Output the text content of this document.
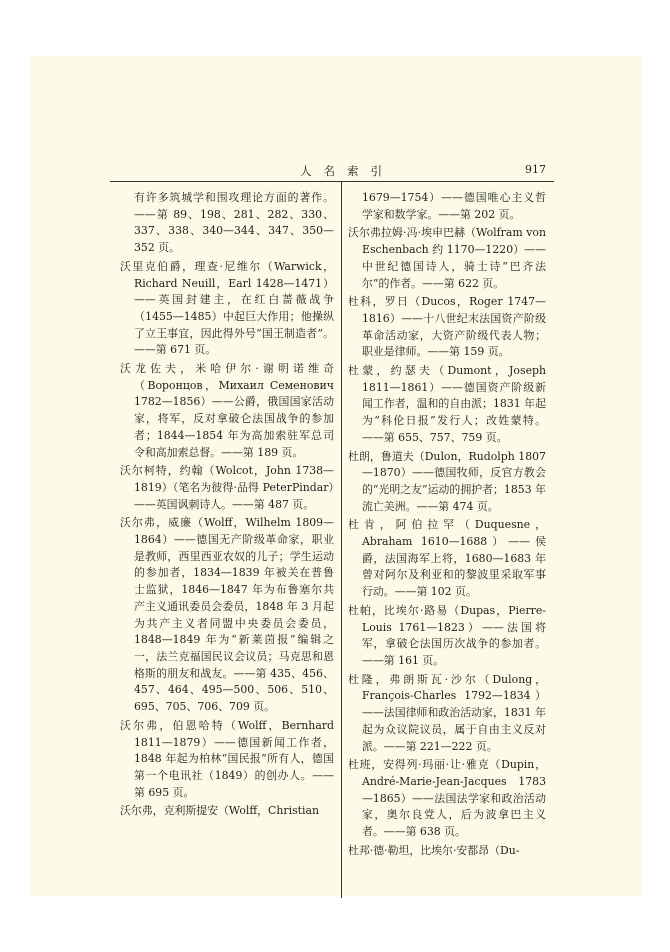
人名索引	917

有许多筑城学和围攻理论方面的著作。——第 89、198、281、282、330、337、338、340—344、347、350—352 页。

沃里克伯爵，理查·尼维尔（Warwick，Richard Neuill，Earl 1428—1471）——英国封建主，在红白蔷薇战争（1455—1485）中起巨大作用；他操纵了立王事宜，因此得外号“国王制造者”。——第 671 页。

沃龙佐夫，米哈伊尔·谢明诺维奇（Воронцов，Михаил Семенович 1782—1856）——公爵，俄国国家活动家，将军，反对拿破仑法国战争的参加者；1844—1854 年为高加索驻军总司令和高加索总督。——第 189 页。

沃尔柯特，约翰（Wolcot，John 1738—1819）（笔名为彼得·品得 PeterPindar）——英国讽刺诗人。——第 487 页。

沃尔弗，威廉（Wolff，Wilhelm 1809—1864）——德国无产阶级革命家，职业是教师，西里西亚农奴的儿子；学生运动的参加者，1834—1839 年被关在普鲁士监狱，1846—1847 年为布鲁塞尔共产主义通讯委员会委员，1848 年 3 月起为共产主义者同盟中央委员会委员，1848—1849 年为“新莱茵报”编辑之一，法兰克福国民议会议员；马克思和恩格斯的朋友和战友。——第 435、456、457、464、495—500、506、510、695、705、706、709 页。

沃尔弗，伯恩哈特（Wolff，Bernhard 1811—1879）——德国新闻工作者，1848 年起为柏林“国民报”所有人，德国第一个电讯社（1849）的创办人。——第 695 页。

沃尔弗，克利斯提安（Wolff，Christian

1679—1754）——德国唯心主义哲学家和数学家。——第 202 页。

沃尔弗拉姆·冯·埃申巴赫（Wolfram von Eschenbach 约 1170—1220）——中世纪德国诗人，骑士诗“巴齐法尔”的作者。——第 622 页。

杜科，罗日（Ducos，Roger 1747—1816）——十八世纪末法国资产阶级革命活动家，大资产阶级代表人物；职业是律师。——第 159 页。

杜蒙，约瑟夫（Dumont，Joseph 1811—1861）——德国资产阶级新闻工作者，温和的自由派；1831 年起为“科伦日报”发行人；改姓蒙特。——第 655、757、759 页。

杜朗，鲁道夫（Dulon，Rudolph 1807—1870）——德国牧师，反官方教会的“光明之友”运动的拥护者；1853 年流亡美洲。——第 474 页。

杜肯，阿伯拉罕（Duquesne，Abraham 1610—1688）——侯爵，法国海军上将，1680—1683 年曾对阿尔及利亚和的黎波里采取军事行动。——第 102 页。

杜帕，比埃尔·路易（Dupas，Pierre-Louis 1761—1823）——法国将军，拿破仑法国历次战争的参加者。——第 161 页。

杜隆，弗朗斯瓦·沙尔（Dulong，François-Charles 1792—1834）——法国律师和政治活动家，1831 年起为众议院议员，属于自由主义反对派。——第 221—222 页。

杜班，安得列·玛丽·让·雅克（Dupin，André-Marie-Jean-Jacques 1783—1865）——法国法学家和政治活动家，奥尔良党人，后为波拿巴主义者。——第 638 页。

杜邦·德·勒坦，比埃尔·安都昂（Du-
